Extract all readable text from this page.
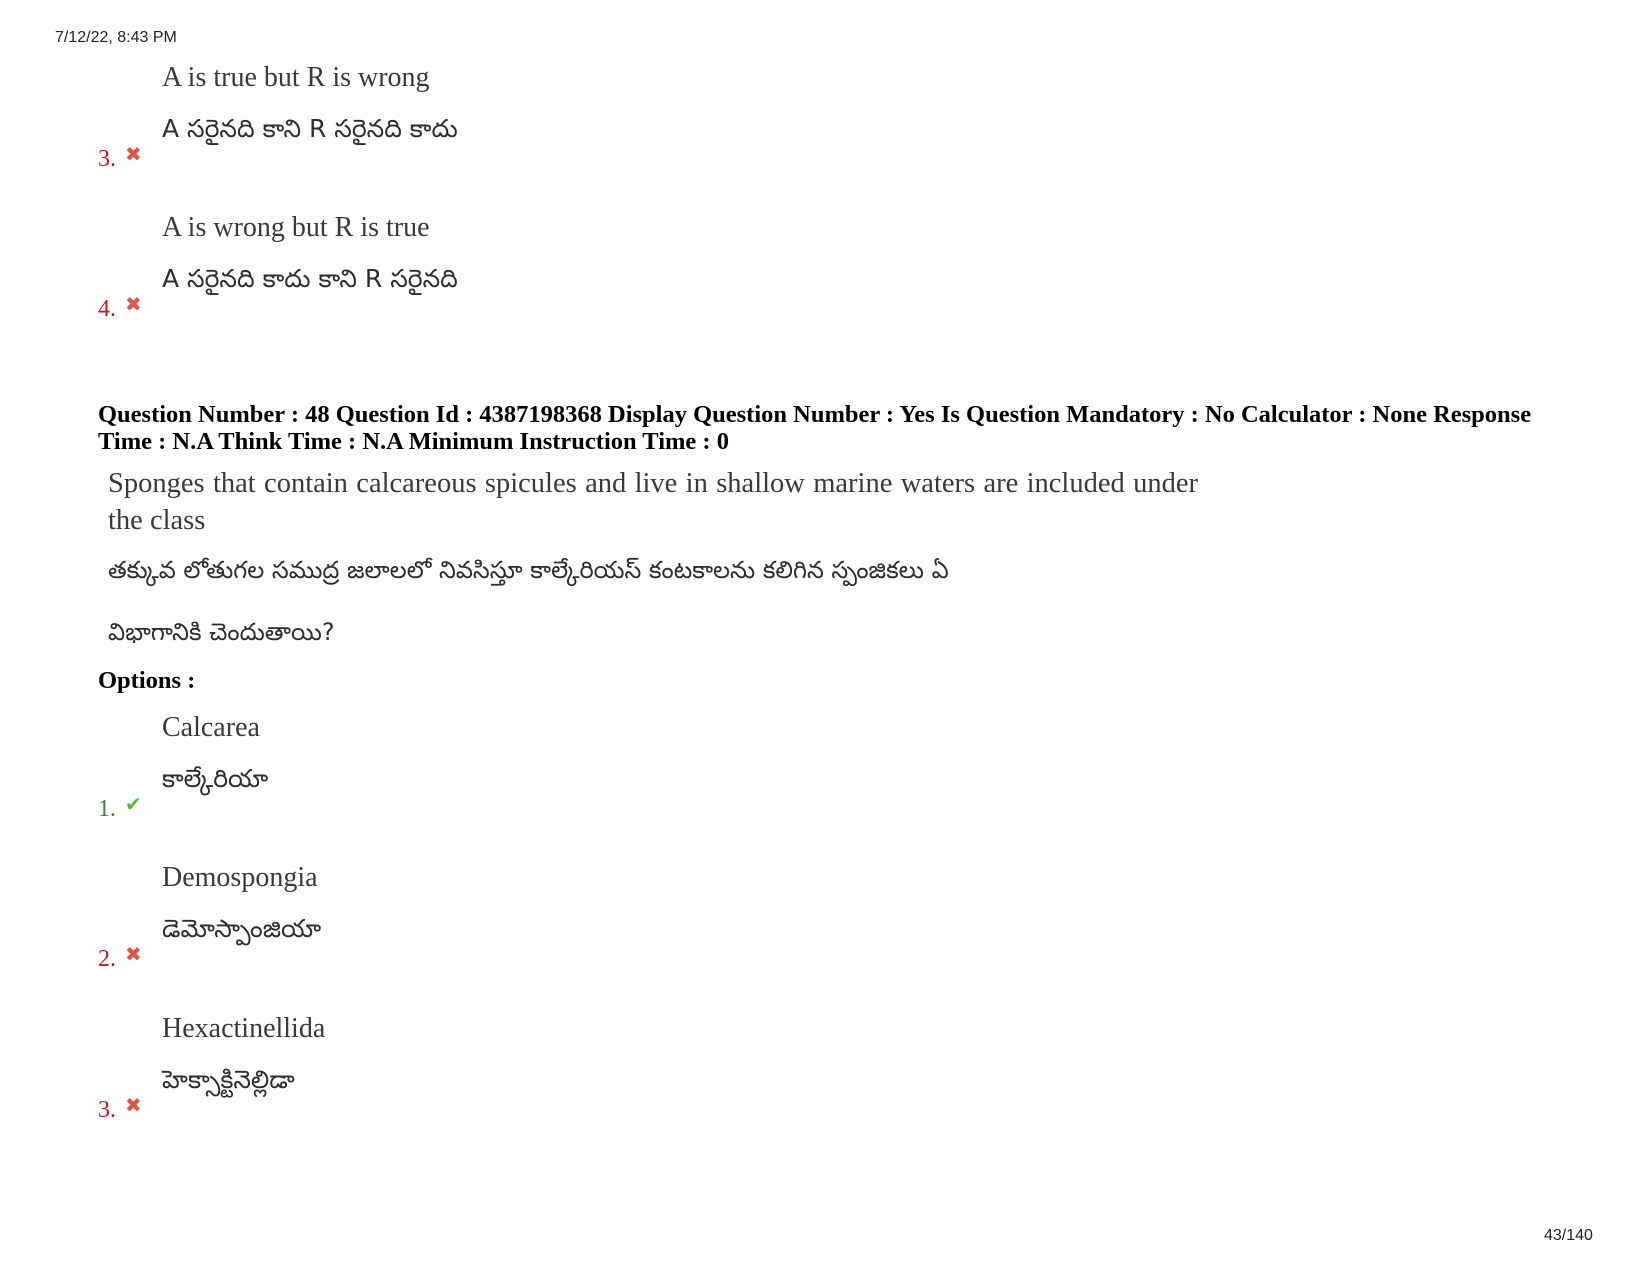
7/12/22, 8:43 PM
A is true but R is wrong
A సరైనది కాని R సరైనది కాదు
3. ✖
A is wrong but R is true
A సరైనది కాదు కాని R సరైనది
4. ✖
Question Number : 48 Question Id : 4387198368 Display Question Number : Yes Is Question Mandatory : No Calculator : None Response
Time : N.A Think Time : N.A Minimum Instruction Time : 0
Sponges that contain calcareous spicules and live in shallow marine waters are included under the class
తక్కువ లోతుగల సముద్ర జలాలలో నివసిస్తూ కాల్కేరియస్ కంటకాలను కలిగిన స్పంజికలు ఏ
విభాగానికి చెందుతాయి?
Options :
Calcarea
కాల్కేరియా
1. ✔
Demospongia
డెమోస్పాంజియా
2. ✖
Hexactinellida
హెక్సాక్టినెల్లిడా
3. ✖
43/140
